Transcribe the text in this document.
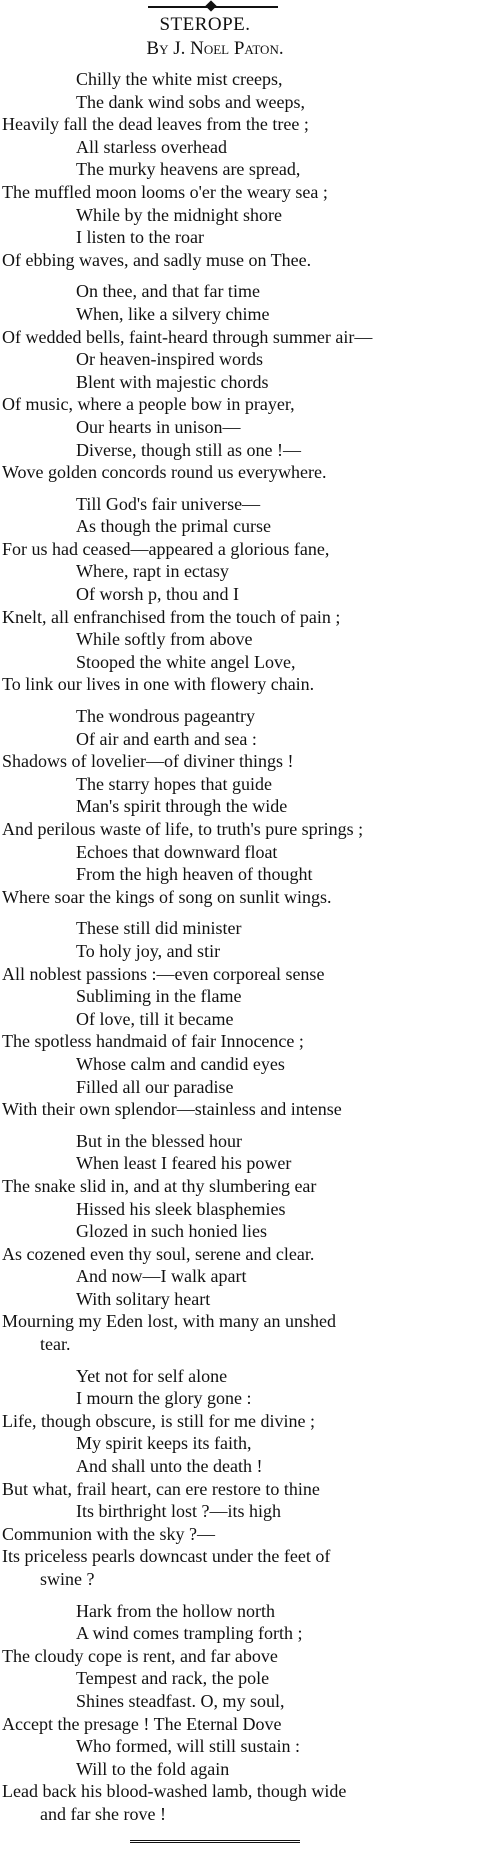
STEROPE.
By J. Noel Paton.
Chilly the white mist creeps,
The dank wind sobs and weeps,
Heavily fall the dead leaves from the tree ;
All starless overhead
The murky heavens are spread,
The muffled moon looms o'er the weary sea ;
While by the midnight shore
I listen to the roar
Of ebbing waves, and sadly muse on Thee.
On thee, and that far time
When, like a silvery chime
Of wedded bells, faint-heard through summer air—
Or heaven-inspired words
Blent with majestic chords
Of music, where a people bow in prayer,
Our hearts in unison—
Diverse, though still as one !—
Wove golden concords round us everywhere.
Till God's fair universe—
As though the primal curse
For us had ceased—appeared a glorious fane,
Where, rapt in ectasy
Of worsh p, thou and I
Knelt, all enfranchised from the touch of pain ;
While softly from above
Stooped the white angel Love,
To link our lives in one with flowery chain.
The wondrous pageantry
Of air and earth and sea :
Shadows of lovelier—of diviner things !
The starry hopes that guide
Man's spirit through the wide
And perilous waste of life, to truth's pure springs ;
Echoes that downward float
From the high heaven of thought
Where soar the kings of song on sunlit wings.
These still did minister
To holy joy, and stir
All noblest passions :—even corporeal sense
Subliming in the flame
Of love, till it became
The spotless handmaid of fair Innocence ;
Whose calm and candid eyes
Filled all our paradise
With their own splendor—stainless and intense
But in the blessed hour
When least I feared his power
The snake slid in, and at thy slumbering ear
Hissed his sleek blasphemies
Glozed in such honied lies
As cozened even thy soul, serene and clear.
And now—I walk apart
With solitary heart
Mourning my Eden lost, with many an unshed
tear.
Yet not for self alone
I mourn the glory gone :
Life, though obscure, is still for me divine ;
My spirit keeps its faith,
And shall unto the death !
But what, frail heart, can ere restore to thine
Its birthright lost ?—its high
Communion with the sky ?—
Its priceless pearls downcast under the feet of
swine ?
Hark from the hollow north
A wind comes trampling forth ;
The cloudy cope is rent, and far above
Tempest and rack, the pole
Shines steadfast. O, my soul,
Accept the presage ! The Eternal Dove
Who formed, will still sustain :
Will to the fold again
Lead back his blood-washed lamb, though wide
and far she rove !
